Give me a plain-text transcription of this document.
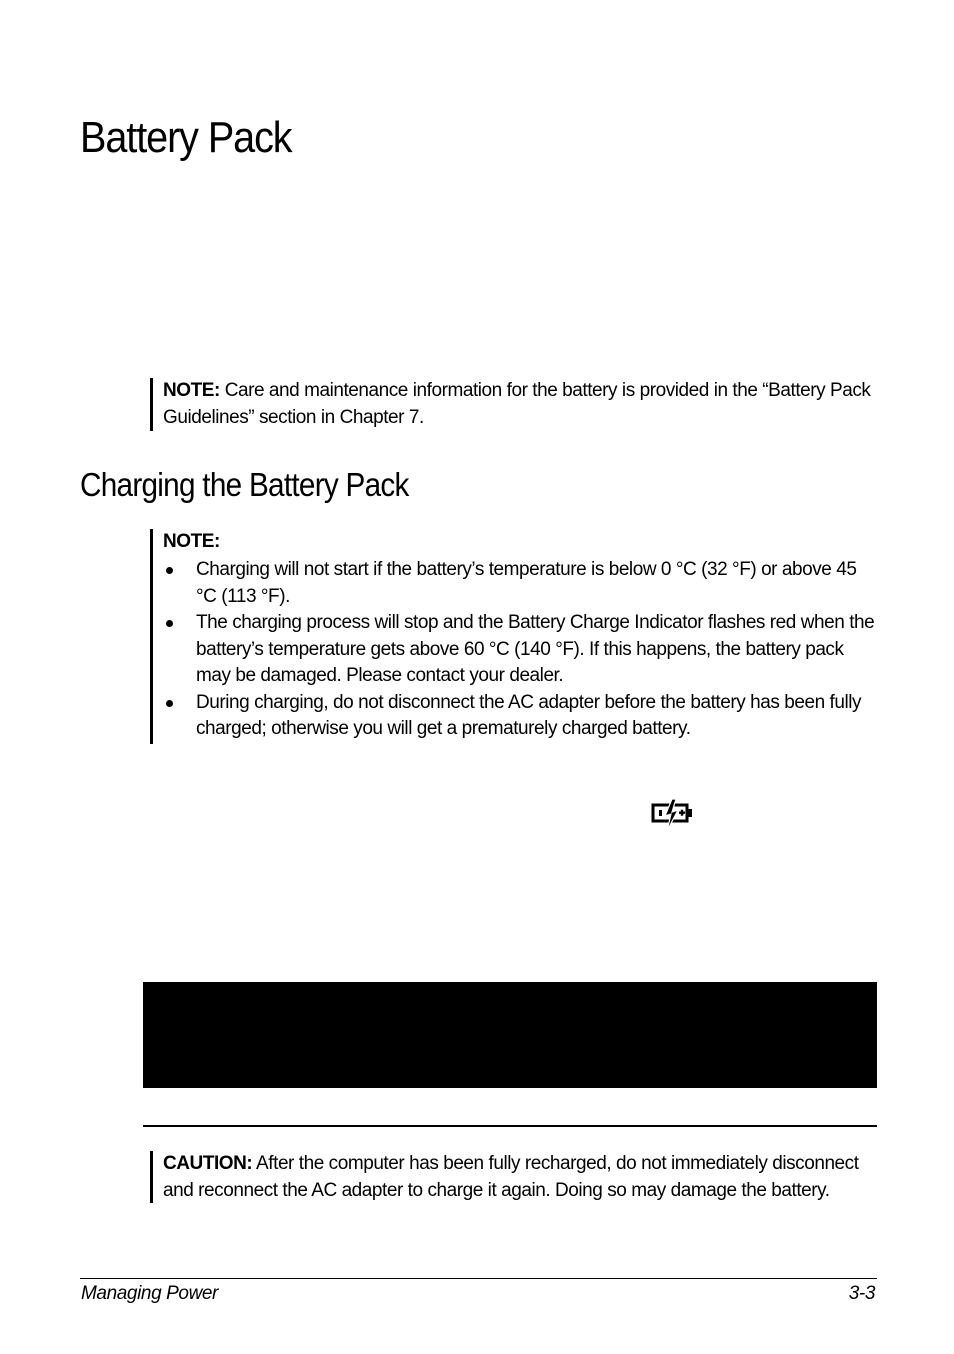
Battery Pack
NOTE: Care and maintenance information for the battery is provided in the “Battery Pack Guidelines” section in Chapter 7.
Charging the Battery Pack
NOTE:
Charging will not start if the battery’s temperature is below 0 °C (32 °F) or above 45 °C (113 °F).
The charging process will stop and the Battery Charge Indicator flashes red when the battery’s temperature gets above 60 °C (140 °F). If this happens, the battery pack may be damaged. Please contact your dealer.
During charging, do not disconnect the AC adapter before the battery has been fully charged; otherwise you will get a prematurely charged battery.
CAUTION: After the computer has been fully recharged, do not immediately disconnect and reconnect the AC adapter to charge it again. Doing so may damage the battery.
Managing Power	3-3
